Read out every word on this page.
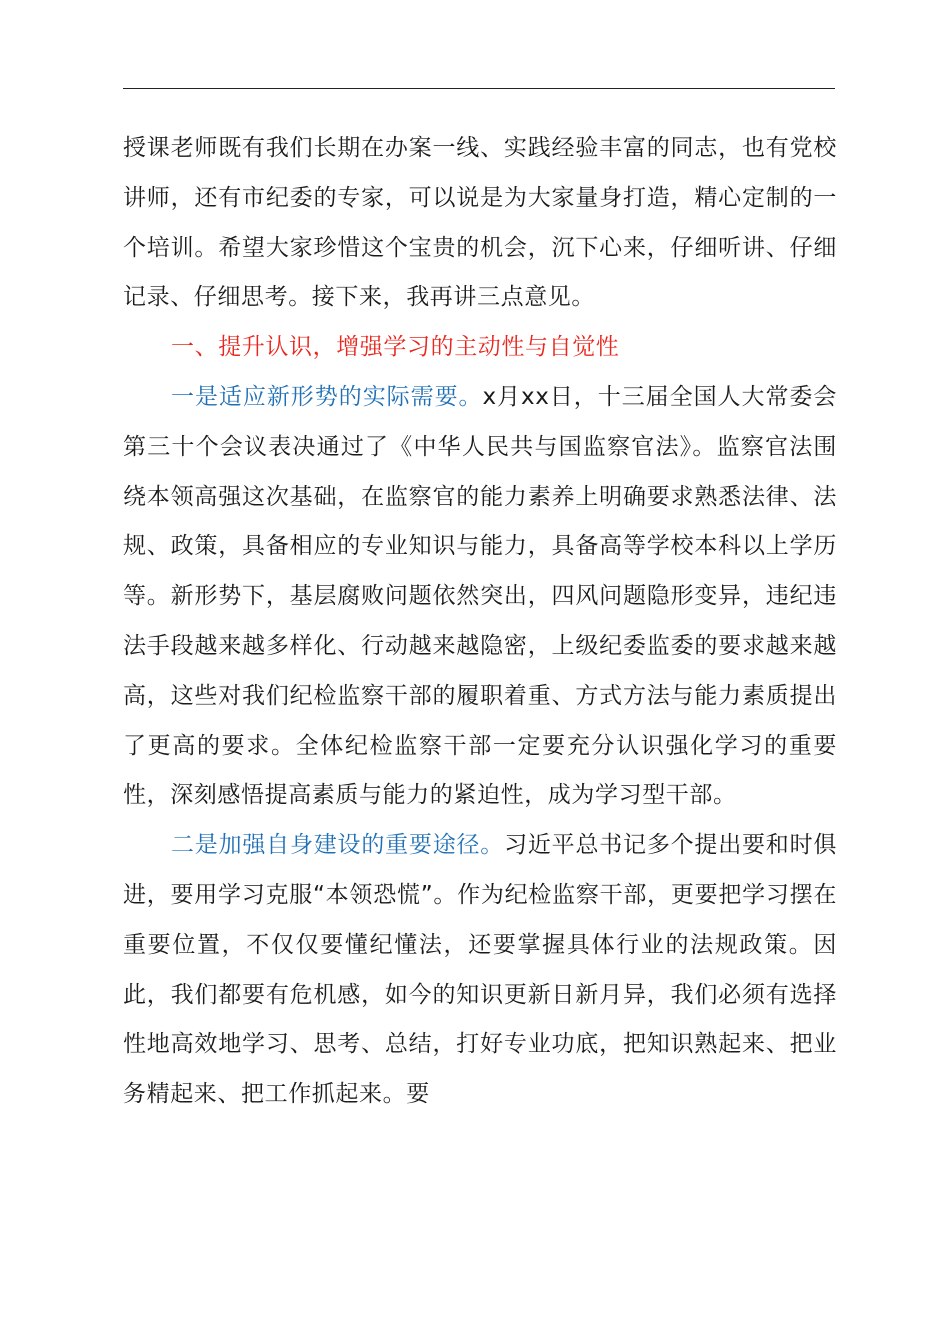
授课老师既有我们长期在办案一线、实践经验丰富的同志，也有党校讲师，还有市纪委的专家，可以说是为大家量身打造，精心定制的一个培训。希望大家珍惜这个宝贵的机会，沉下心来，仔细听讲、仔细记录、仔细思考。接下来，我再讲三点意见。

一、提升认识，增强学习的主动性与自觉性

一是适应新形势的实际需要。x月xx日，十三届全国人大常委会第三十个会议表决通过了《中华人民共与国监察官法》。监察官法围绕本领高强这次基础，在监察官的能力素养上明确要求熟悉法律、法规、政策，具备相应的专业知识与能力，具备高等学校本科以上学历等。新形势下，基层腐败问题依然突出，四风问题隐形变异，违纪违法手段越来越多样化、行动越来越隐密，上级纪委监委的要求越来越高，这些对我们纪检监察干部的履职着重、方式方法与能力素质提出了更高的要求。全体纪检监察干部一定要充分认识强化学习的重要性，深刻感悟提高素质与能力的紧迫性，成为学习型干部。

二是加强自身建设的重要途径。习近平总书记多个提出要和时俱进，要用学习克服“本领恐慌”。作为纪检监察干部，更要把学习摆在重要位置，不仅仅要懂纪懂法，还要掌握具体行业的法规政策。因此，我们都要有危机感，如今的知识更新日新月异，我们必须有选择性地高效地学习、思考、总结，打好专业功底，把知识熟起来、把业务精起来、把工作抓起来。要
